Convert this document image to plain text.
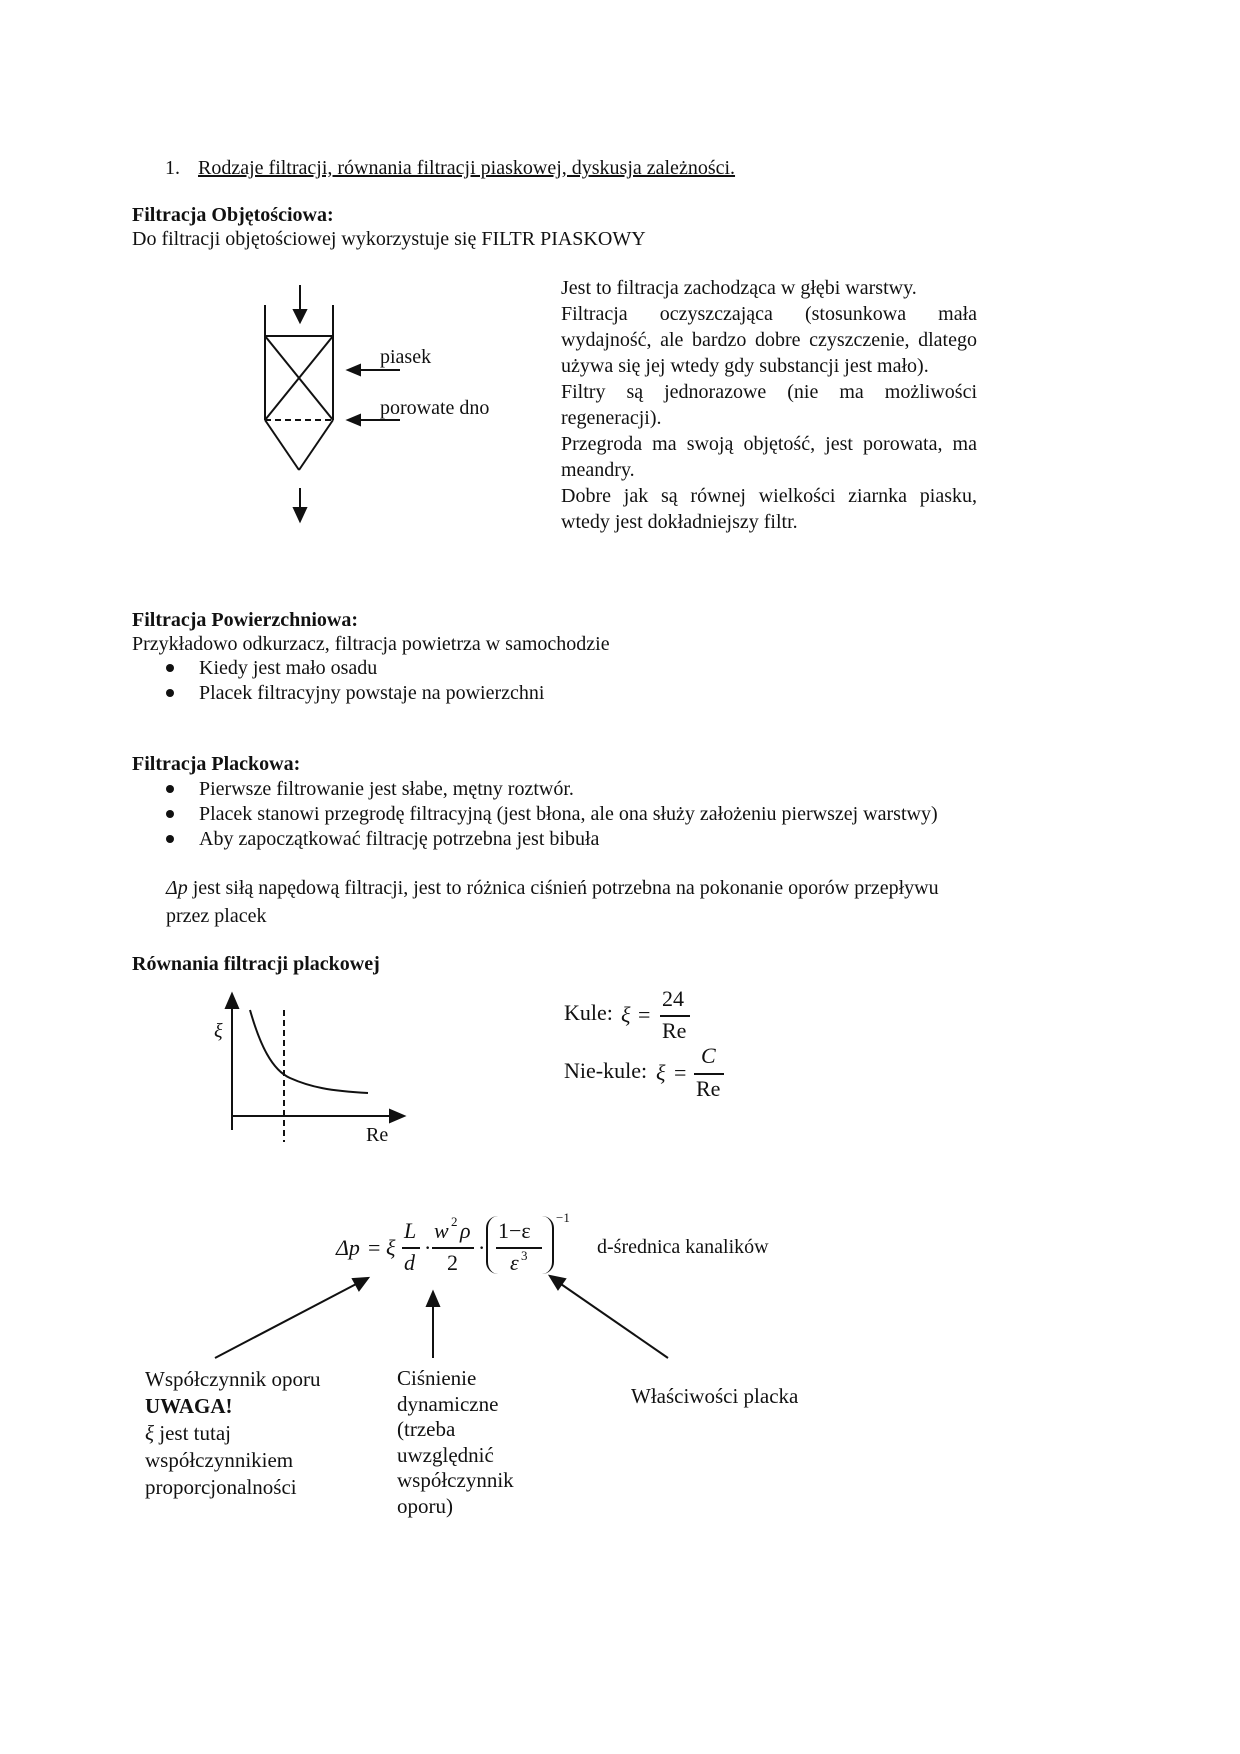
1. Rodzaje filtracji, równania filtracji piaskowej, dyskusja zależności.
Filtracja Objętościowa:
Do filtracji objętościowej wykorzystuje się FILTR PIASKOWY
piasek
porowate dno
Jest to filtracja zachodząca w głębi warstwy.
Filtracja oczyszczająca (stosunkowa mała wydajność, ale bardzo dobre czyszczenie, dlatego używa się jej wtedy gdy substancji jest mało).
Filtry są jednorazowe (nie ma możliwości regeneracji).
Przegroda ma swoją objętość, jest porowata, ma meandry.
Dobre jak są równej wielkości ziarnka piasku, wtedy jest dokładniejszy filtr.
Filtracja Powierzchniowa:
Przykładowo odkurzacz, filtracja powietrza w samochodzie
Kiedy jest mało osadu
Placek filtracyjny powstaje na powierzchni
Filtracja Plackowa:
Pierwsze filtrowanie jest słabe, mętny roztwór.
Placek stanowi przegrodę filtracyjną (jest błona, ale ona służy założeniu pierwszej warstwy)
Aby zapoczątkować filtrację potrzebna jest bibuła
Δp jest siłą napędową filtracji, jest to różnica ciśnień potrzebna na pokonanie oporów przepływu
przez placek
Równania filtracji plackowej
ξ
Re
Kule: ξ =
24
Re
Nie-kule: ξ =
C
Re
Δp = ξ
L
d
·
w 2 ρ
2
·
1−ε
ε 3
−1
d-średnica kanalików
Współczynnik oporu
UWAGA!
ξ jest tutaj
współczynnikiem
proporcjonalności
Ciśnienie
dynamiczne
(trzeba
uwzględnić
współczynnik
oporu)
Właściwości placka
